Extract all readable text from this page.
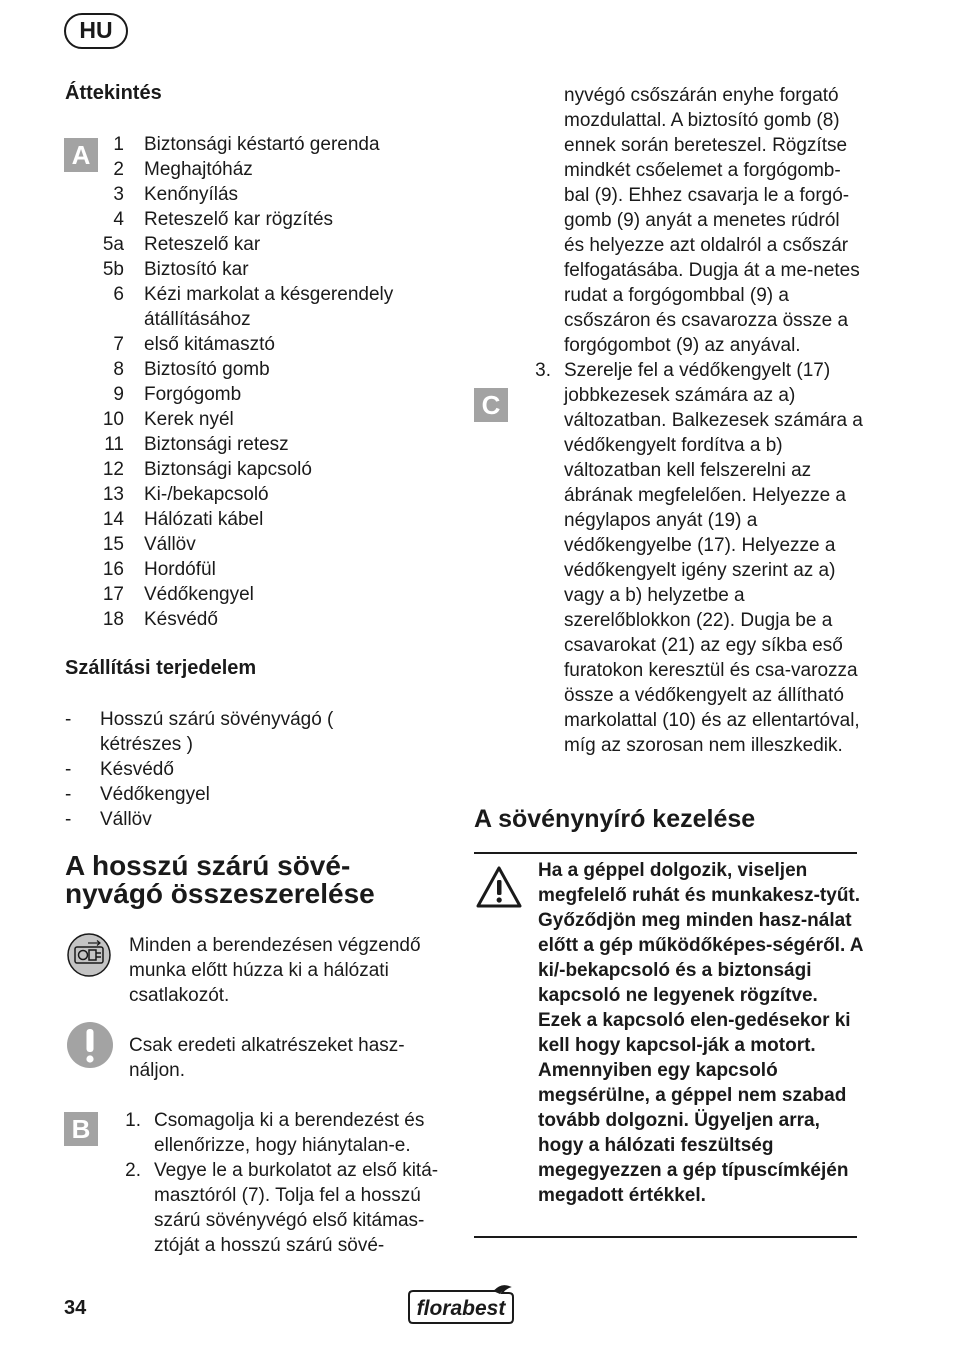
HU
Áttekintés
A	1 Biztonsági késtartó gerenda
2 Meghajtóház
3 Kenőnyílás
4 Reteszelő kar rögzítés
5a Reteszelő kar
5b Biztosító kar
6 Kézi markolat a késgerendely átállításához
7 első kitámasztó
8 Biztosító gomb
9 Forgógomb
10 Kerek nyél
11 Biztonsági retesz
12 Biztonsági kapcsoló
13 Ki-/bekapcsoló
14 Hálózati kábel
15 Vállöv
16 Hordófül
17 Védőkengyel
18 Késvédő
Szállítási terjedelem
- Hosszú szárú sövényvágó ( kétrészes )
- Késvédő
- Védőkengyel
- Vállöv
A hosszú szárú sövé-
nyvágó összeszerelése
Minden a berendezésen végzendő munka előtt húzza ki a hálózati csatlakozót.
Csak eredeti alkatrészeket hasz-náljon.
B	1. Csomagolja ki a berendezést és ellenőrizze, hogy hiánytalan-e.
2. Vegye le a burkolatot az első kitá-masztóról (7). Tolja fel a hosszú szárú sövényvégó első kitámas-ztóját a hosszú szárú sövé-
nyvégó csőszárán enyhe forgató mozdulattal. A biztosító gomb (8) ennek során bereteszel. Rögzítse mindkét csőelemet a forgógomb-bal (9). Ehhez csavarja le a forgó-gomb (9) anyát a menetes rúdról és helyezze azt oldalról a csőszár felfogatásába. Dugja át a me-netes rudat a forgógombbal (9) a csőszáron és csavarozza össze a forgógombot (9) az anyával.
C
3. Szerelje fel a védőkengyelt (17) jobbkezesek számára az a) változatban. Balkezesek számára a védőkengyelt fordítva a b) változatban kell felszerelni az ábrának megfelelően. Helyezze a négylapos anyát (19) a védőkengyelbe (17). Helyezze a védőkengyelt igény szerint az a) vagy a b) helyzetbe a szerelőblokkon (22). Dugja be a csavarokat (21) az egy síkba eső furatokon keresztül és csa-varozza össze a védőkengyelt az állítható markolattal (10) és az ellentartóval, míg az szorosan nem illeszkedik.
A sövénynyíró kezelése
Ha a géppel dolgozik, viseljen megfelelő ruhát és munkakesz-tyűt. Győződjön meg minden hasz-nálat előtt a gép működőképes-ségéről. A ki/-bekapcsoló és a biztonsági kapcsoló ne legyenek rögzítve. Ezek a kapcsoló elen-gedésekor ki kell hogy kapcsol-ják a motort. Amennyiben egy kapcsoló megsérülne, a géppel nem szabad tovább dolgozni. Ügyeljen arra, hogy a hálózati feszültség megegyezzen a gép típuscímkéjén megadott értékkel.
34	florabest
